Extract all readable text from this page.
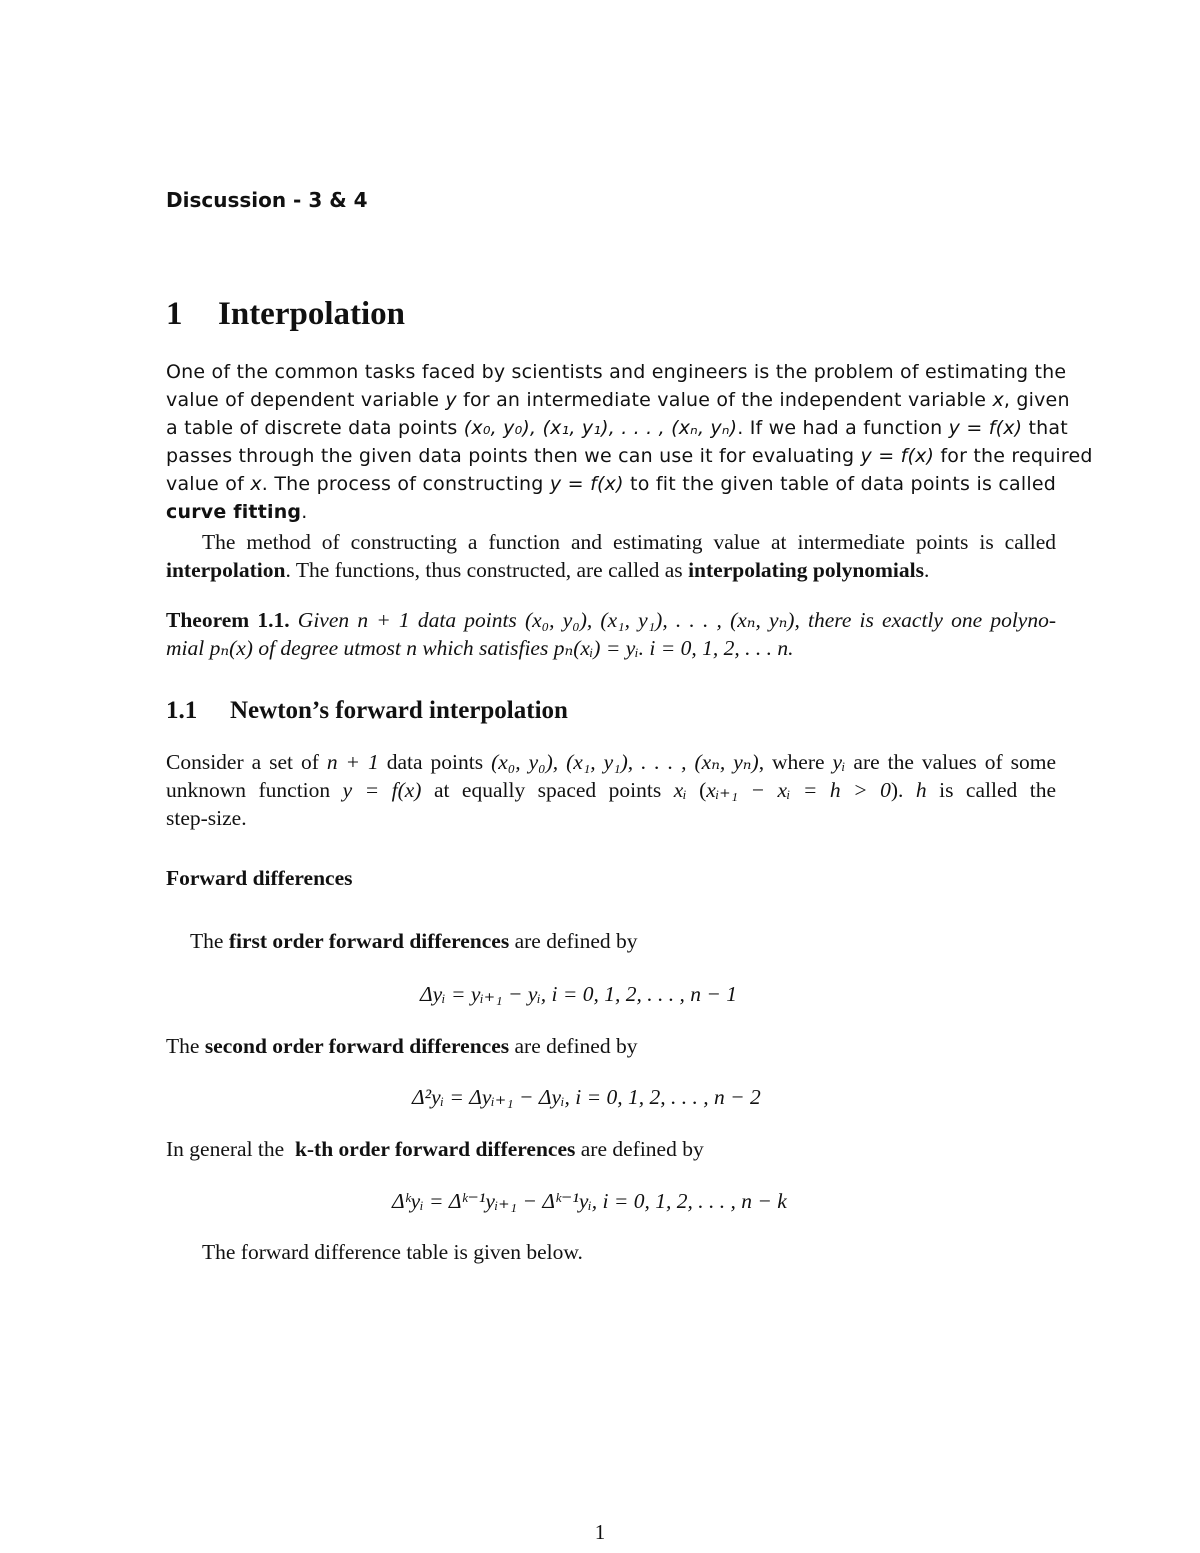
Discussion - 3 & 4
1 Interpolation
One of the common tasks faced by scientists and engineers is the problem of estimating the
value of dependent variable y for an intermediate value of the independent variable x, given
a table of discrete data points (x₀, y₀), (x₁, y₁), . . . , (xₙ, yₙ). If we had a function y = f(x) that
passes through the given data points then we can use it for evaluating y = f(x) for the required
value of x. The process of constructing y = f(x) to fit the given table of data points is called
curve fitting.
The method of constructing a function and estimating value at intermediate points is called
interpolation. The functions, thus constructed, are called as interpolating polynomials.
Theorem 1.1. Given n + 1 data points (x₀, y₀), (x₁, y₁), . . . , (xₙ, yₙ), there is exactly one polyno-
mial pₙ(x) of degree utmost n which satisfies pₙ(xᵢ) = yᵢ. i = 0, 1, 2, . . . n.
1.1 Newton’s forward interpolation
Consider a set of n + 1 data points (x₀, y₀), (x₁, y₁), . . . , (xₙ, yₙ), where yᵢ are the values of some
unknown function y = f(x) at equally spaced points xᵢ (xᵢ₊₁ − xᵢ = h > 0). h is called the
step-size.
Forward differences
The first order forward differences are defined by
Δyᵢ = yᵢ₊₁ − yᵢ, i = 0, 1, 2, . . . , n − 1
The second order forward differences are defined by
Δ²yᵢ = Δyᵢ₊₁ − Δyᵢ, i = 0, 1, 2, . . . , n − 2
In general the  k-th order forward differences are defined by
Δᵏyᵢ = Δᵏ⁻¹yᵢ₊₁ − Δᵏ⁻¹yᵢ, i = 0, 1, 2, . . . , n − k
The forward difference table is given below.
1
